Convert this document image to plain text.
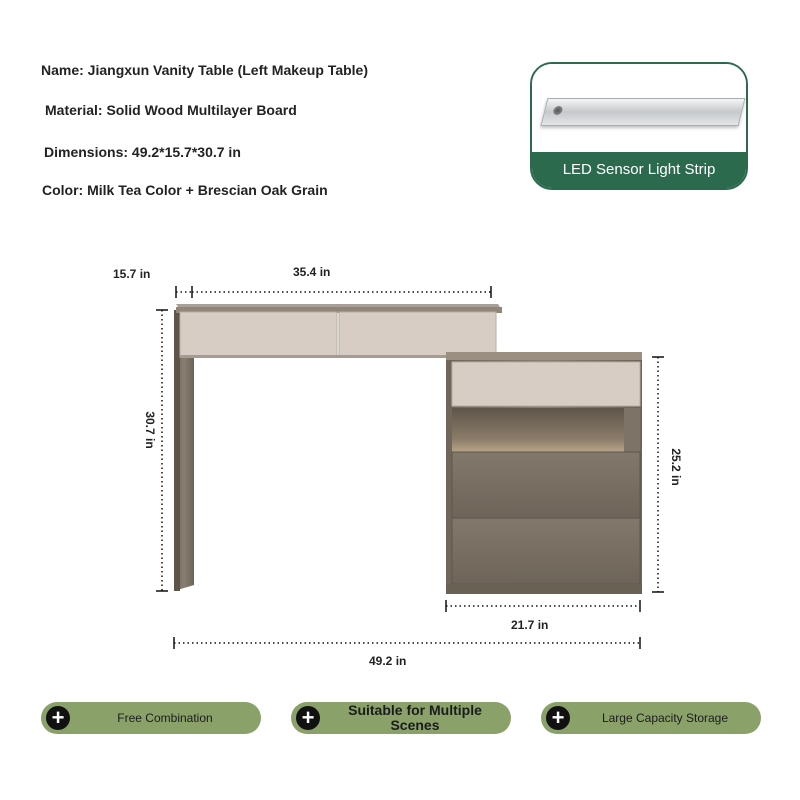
Name: Jiangxun Vanity Table (Left Makeup Table)
Material: Solid Wood Multilayer Board
Dimensions: 49.2*15.7*30.7 in
Color: Milk Tea Color + Brescian Oak Grain
LED Sensor Light Strip
15.7 in	35.4 in
30.7 in
25.2 in
21.7 in
49.2 in
+	Free Combination	+	Suitable for Multiple Scenes	+	Large Capacity Storage
